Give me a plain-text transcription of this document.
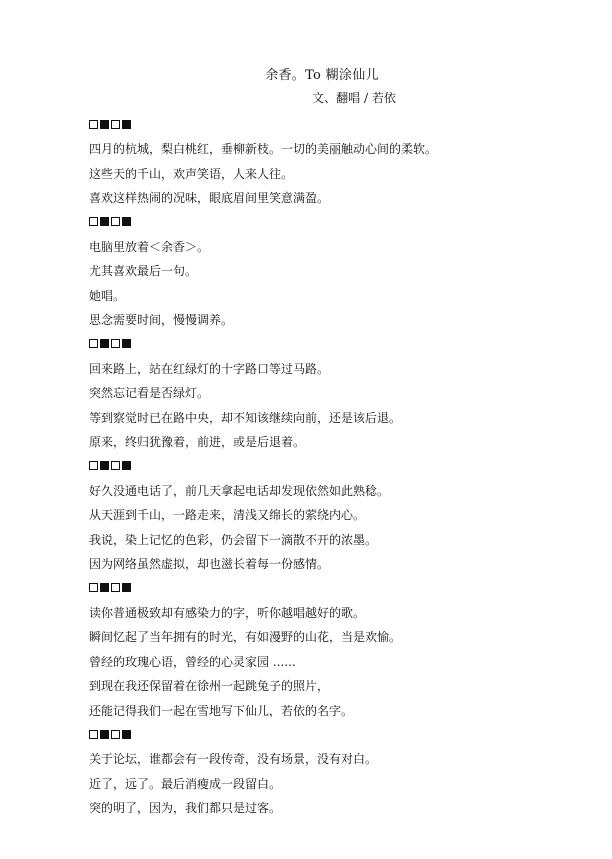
余香。To 糊涂仙儿
文、翻唱 / 若依
四月的杭城，梨白桃红，垂柳新枝。一切的美丽触动心间的柔软。
这些天的千山，欢声笑语，人来人往。
喜欢这样热闹的况味，眼底眉间里笑意满盈。
电脑里放着＜余香＞。
尤其喜欢最后一句。
她唱。
思念需要时间，慢慢调养。
回来路上，站在红绿灯的十字路口等过马路。
突然忘记看是否绿灯。
等到察觉时已在路中央，却不知该继续向前，还是该后退。
原来，终归犹豫着，前进，或是后退着。
好久没通电话了，前几天拿起电话却发现依然如此熟稔。
从天涯到千山，一路走来，清浅又绵长的萦绕内心。
我说，染上记忆的色彩，仍会留下一滴散不开的浓墨。
因为网络虽然虚拟，却也滋长着每一份感情。
读你普通极致却有感染力的字，听你越唱越好的歌。
瞬间忆起了当年拥有的时光，有如漫野的山花，当是欢愉。
曾经的玫瑰心语，曾经的心灵家园 ......
到现在我还保留着在徐州一起跳兔子的照片，
还能记得我们一起在雪地写下仙儿，若依的名字。
关于论坛，谁都会有一段传奇，没有场景，没有对白。
近了，远了。最后消瘦成一段留白。
突的明了，因为，我们都只是过客。
